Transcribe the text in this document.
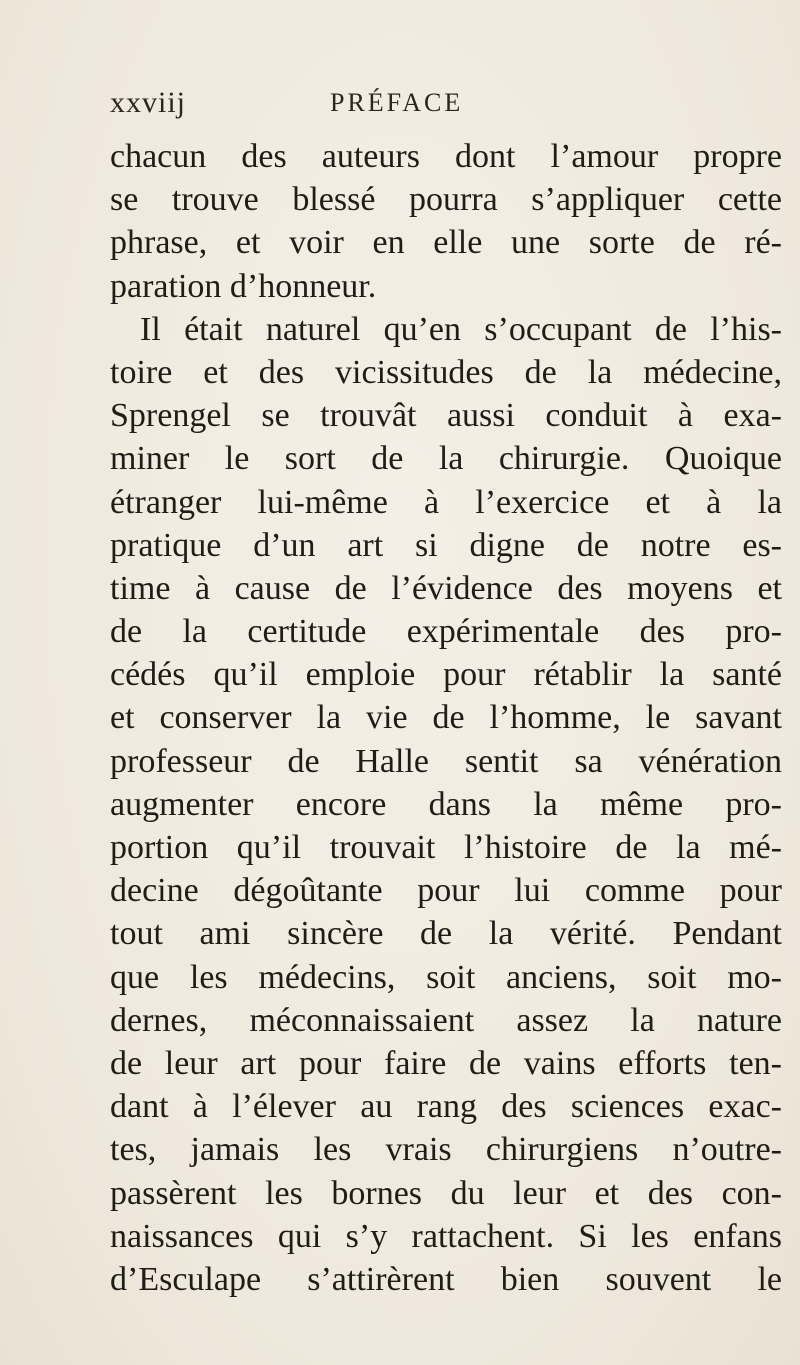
xxviij	PRÉFACE
chacun des auteurs dont l’amour propre
se trouve blessé pourra s’appliquer cette
phrase, et voir en elle une sorte de ré-
paration d’honneur.
Il était naturel qu’en s’occupant de l’his-
toire et des vicissitudes de la médecine,
Sprengel se trouvât aussi conduit à exa-
miner le sort de la chirurgie. Quoique
étranger lui-même à l’exercice et à la
pratique d’un art si digne de notre es-
time à cause de l’évidence des moyens et
de la certitude expérimentale des pro-
cédés qu’il emploie pour rétablir la santé
et conserver la vie de l’homme, le savant
professeur de Halle sentit sa vénération
augmenter encore dans la même pro-
portion qu’il trouvait l’histoire de la mé-
decine dégoûtante pour lui comme pour
tout ami sincère de la vérité. Pendant
que les médecins, soit anciens, soit mo-
dernes, méconnaissaient assez la nature
de leur art pour faire de vains efforts ten-
dant à l’élever au rang des sciences exac-
tes, jamais les vrais chirurgiens n’outre-
passèrent les bornes du leur et des con-
naissances qui s’y rattachent. Si les enfans
d’Esculape s’attirèrent bien souvent le
